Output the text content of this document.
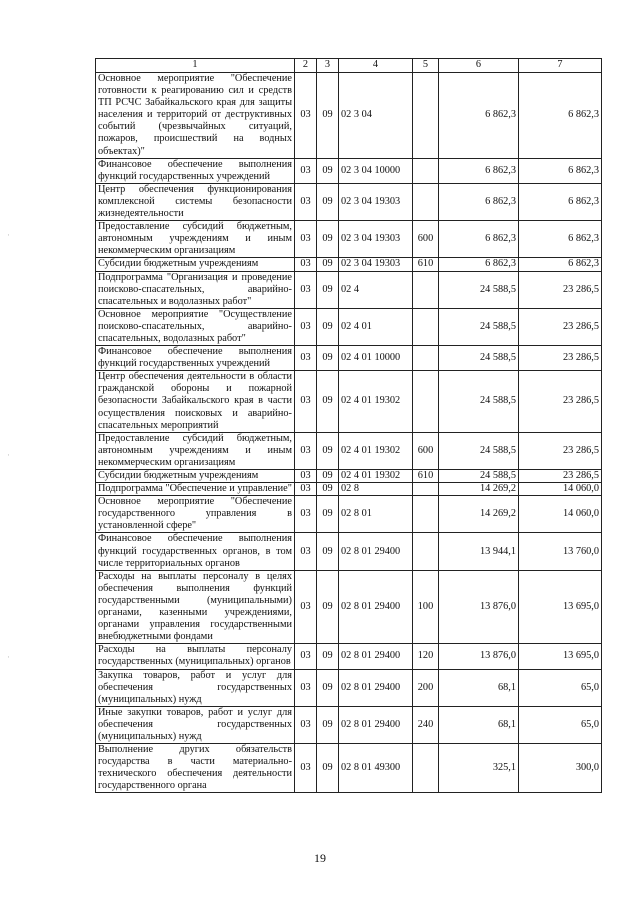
·
·
·
1	2	3	4	5	6	7
Основное мероприятие "Обеспечение готовности к реагированию сил и средств ТП РСЧС Забайкальского края для защиты населения и территорий от деструктивных событий (чрезвычайных ситуаций, пожаров, происшествий на водных объектах)"	03	09	02 3 04		6 862,3	6 862,3
Финансовое обеспечение выполнения функций государственных учреждений	03	09	02 3 04 10000		6 862,3	6 862,3
Центр обеспечения функционирования комплексной системы безопасности жизнедеятельности	03	09	02 3 04 19303		6 862,3	6 862,3
Предоставление субсидий бюджетным, автономным учреждениям и иным некоммерческим организациям	03	09	02 3 04 19303	600	6 862,3	6 862,3
Субсидии бюджетным учреждениям	03	09	02 3 04 19303	610	6 862,3	6 862,3
Подпрограмма "Организация и проведение поисково-спасательных, аварийно-спасательных и водолазных работ"	03	09	02 4		24 588,5	23 286,5
Основное мероприятие "Осуществление поисково-спасательных, аварийно-спасательных, водолазных работ"	03	09	02 4 01		24 588,5	23 286,5
Финансовое обеспечение выполнения функций государственных учреждений	03	09	02 4 01 10000		24 588,5	23 286,5
Центр обеспечения деятельности в области гражданской обороны и пожарной безопасности Забайкальского края в части осуществления поисковых и аварийно-спасательных мероприятий	03	09	02 4 01 19302		24 588,5	23 286,5
Предоставление субсидий бюджетным, автономным учреждениям и иным некоммерческим организациям	03	09	02 4 01 19302	600	24 588,5	23 286,5
Субсидии бюджетным учреждениям	03	09	02 4 01 19302	610	24 588,5	23 286,5
Подпрограмма "Обеспечение и управление"	03	09	02 8		14 269,2	14 060,0
Основное мероприятие "Обеспечение государственного управления в установленной сфере"	03	09	02 8 01		14 269,2	14 060,0
Финансовое обеспечение выполнения функций государственных органов, в том числе территориальных органов	03	09	02 8 01 29400		13 944,1	13 760,0
Расходы на выплаты персоналу в целях обеспечения выполнения функций государственными (муниципальными) органами, казенными учреждениями, органами управления государственными внебюджетными фондами	03	09	02 8 01 29400	100	13 876,0	13 695,0
Расходы на выплаты персоналу государственных (муниципальных) органов	03	09	02 8 01 29400	120	13 876,0	13 695,0
Закупка товаров, работ и услуг для обеспечения государственных (муниципальных) нужд	03	09	02 8 01 29400	200	68,1	65,0
Иные закупки товаров, работ и услуг для обеспечения государственных (муниципальных) нужд	03	09	02 8 01 29400	240	68,1	65,0
Выполнение других обязательств государства в части материально-технического обеспечения деятельности государственного органа	03	09	02 8 01 49300		325,1	300,0
19
